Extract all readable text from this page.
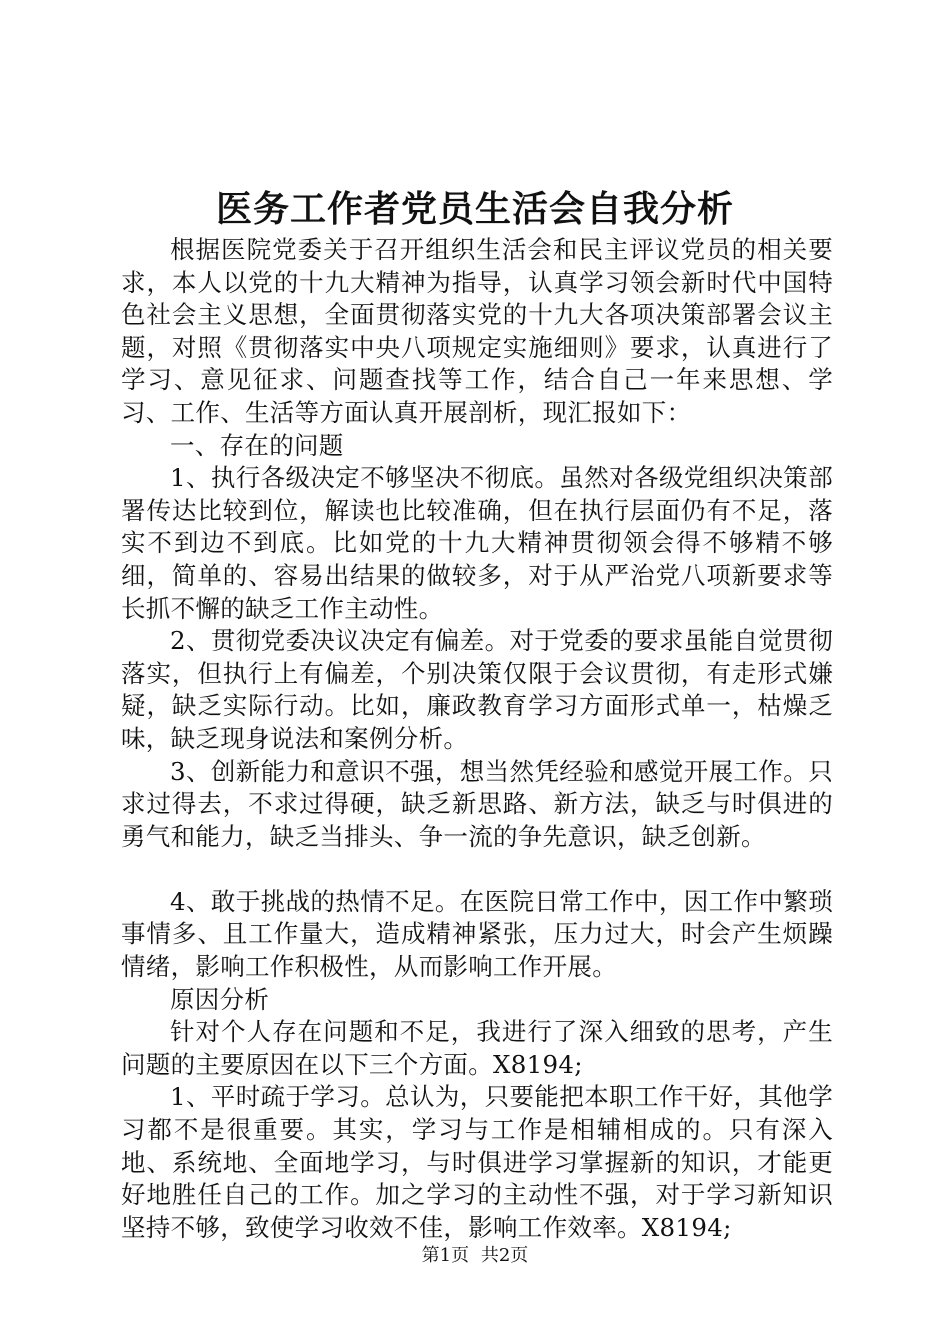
医务工作者党员生活会自我分析

根据医院党委关于召开组织生活会和民主评议党员的相关要求，本人以党的十九大精神为指导，认真学习领会新时代中国特色社会主义思想，全面贯彻落实党的十九大各项决策部署会议主题，对照《贯彻落实中央八项规定实施细则》要求，认真进行了学习、意见征求、问题查找等工作，结合自己一年来思想、学习、工作、生活等方面认真开展剖析，现汇报如下：

一、存在的问题

1、执行各级决定不够坚决不彻底。虽然对各级党组织决策部署传达比较到位，解读也比较准确，但在执行层面仍有不足，落实不到边不到底。比如党的十九大精神贯彻领会得不够精不够细，简单的、容易出结果的做较多，对于从严治党八项新要求等长抓不懈的缺乏工作主动性。

2、贯彻党委决议决定有偏差。对于党委的要求虽能自觉贯彻落实，但执行上有偏差，个别决策仅限于会议贯彻，有走形式嫌疑，缺乏实际行动。比如，廉政教育学习方面形式单一，枯燥乏味，缺乏现身说法和案例分析。

3、创新能力和意识不强，想当然凭经验和感觉开展工作。只求过得去，不求过得硬，缺乏新思路、新方法，缺乏与时俱进的勇气和能力，缺乏当排头、争一流的争先意识，缺乏创新。

4、敢于挑战的热情不足。在医院日常工作中，因工作中繁琐事情多、且工作量大，造成精神紧张，压力过大，时会产生烦躁情绪，影响工作积极性，从而影响工作开展。

原因分析

针对个人存在问题和不足，我进行了深入细致的思考，产生问题的主要原因在以下三个方面。X8194;

1、平时疏于学习。总认为，只要能把本职工作干好，其他学习都不是很重要。其实，学习与工作是相辅相成的。只有深入地、系统地、全面地学习，与时俱进学习掌握新的知识，才能更好地胜任自己的工作。加之学习的主动性不强，对于学习新知识坚持不够，致使学习收效不佳，影响工作效率。X8194;

第1页 共2页
